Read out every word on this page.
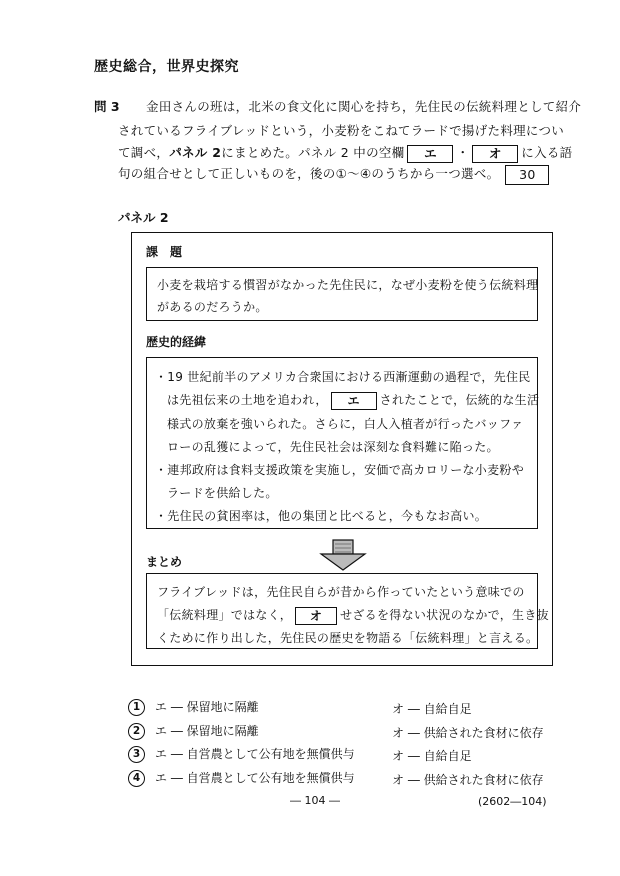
歴史総合，世界史探究
問 3 金田さんの班は，北米の食文化に関心を持ち，先住民の伝統料理として紹介
されているフライブレッドという，小麦粉をこねてラードで揚げた料理につい
て調べ，パネル 2にまとめた。パネル 2 中の空欄 エ ・ オ に入る語
句の組合せとして正しいものを，後の①～④のうちから一つ選べ。 30
パネル 2
課　題
小麦を栽培する慣習がなかった先住民に，なぜ小麦粉を使う伝統料理
があるのだろうか。
歴史的経緯
・19 世紀前半のアメリカ合衆国における西漸運動の過程で，先住民
は先祖伝来の土地を追われ， エ されたことで，伝統的な生活
様式の放棄を強いられた。さらに，白人入植者が行ったバッファ
ローの乱獲によって，先住民社会は深刻な食料難に陥った。
・連邦政府は食料支援政策を実施し，安価で高カロリーな小麦粉や
ラードを供給した。
・先住民の貧困率は，他の集団と比べると，今もなお高い。
まとめ
フライブレッドは，先住民自らが昔から作っていたという意味での
「伝統料理」ではなく， オ せざるを得ない状況のなかで，生き抜
くために作り出した，先住民の歴史を物語る「伝統料理」と言える。
1 エ ― 保留地に隔離	オ ― 自給自足
2 エ ― 保留地に隔離	オ ― 供給された食材に依存
3 エ ― 自営農として公有地を無償供与	オ ― 自給自足
4 エ ― 自営農として公有地を無償供与	オ ― 供給された食材に依存
― 104 ―	(2602―104)
